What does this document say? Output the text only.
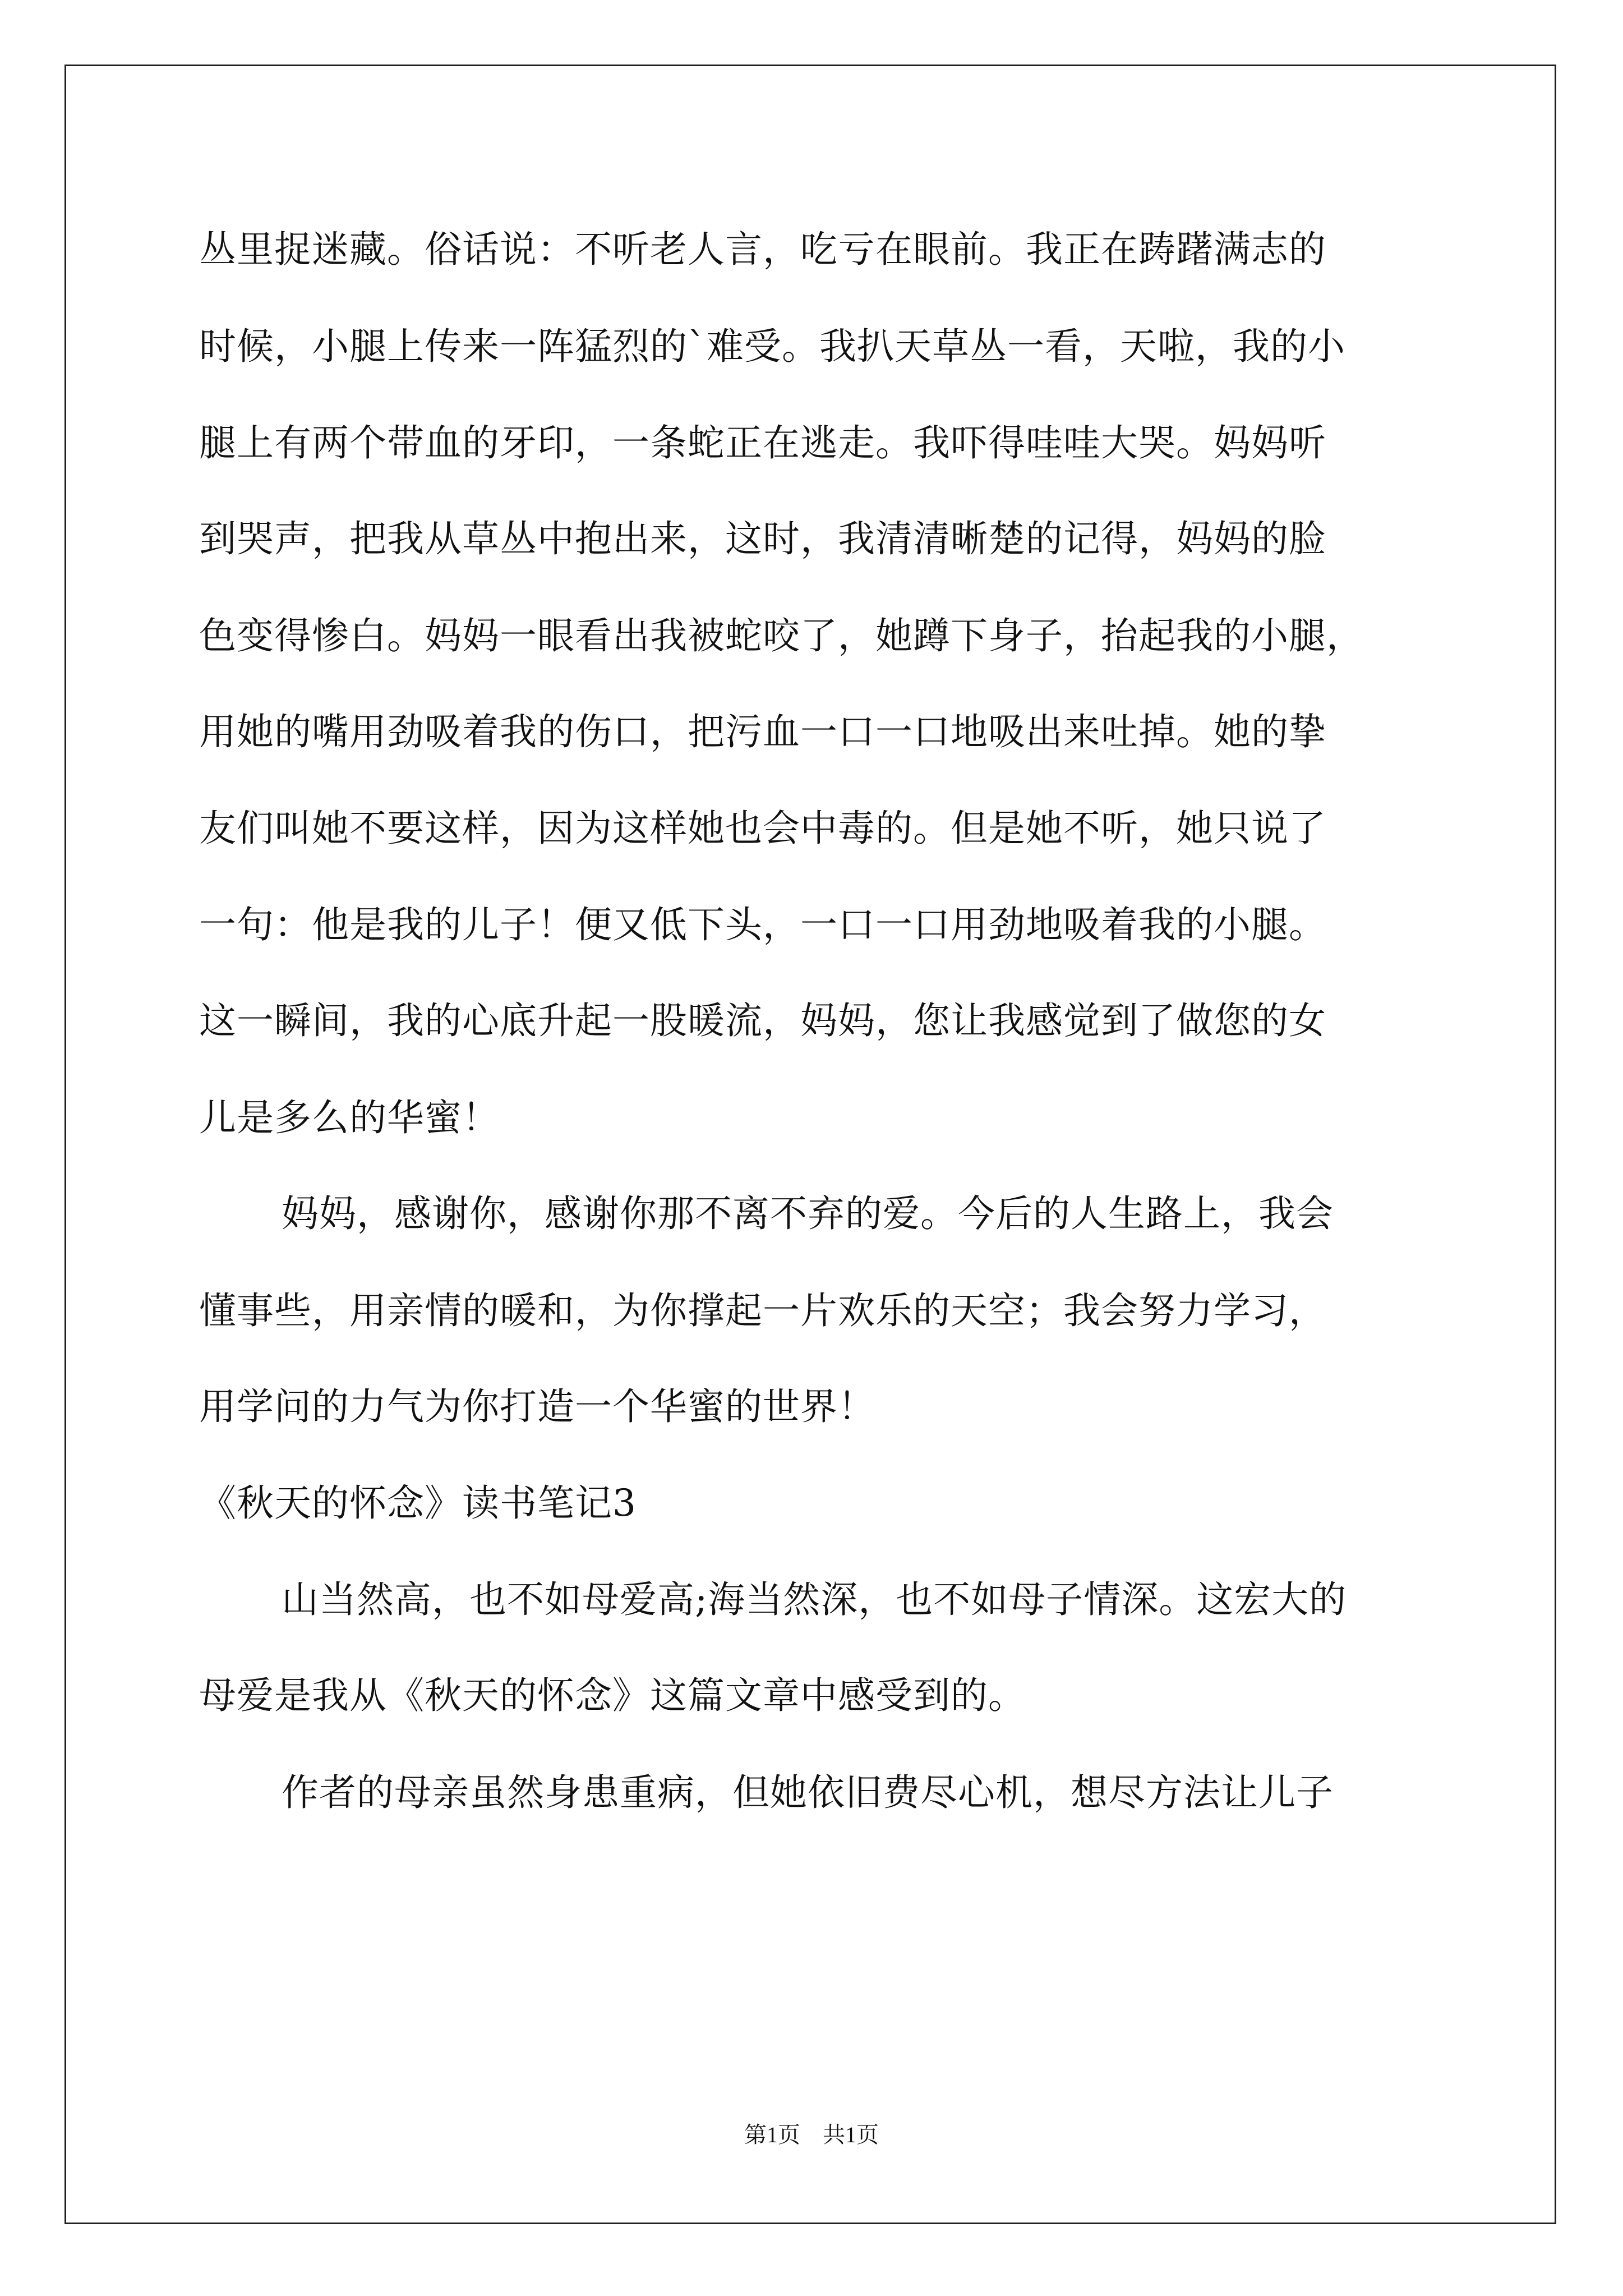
丛里捉迷藏。俗话说：不听老人言，吃亏在眼前。我正在踌躇满志的
时候，小腿上传来一阵猛烈的`难受。我扒天草丛一看，天啦，我的小
腿上有两个带血的牙印，一条蛇正在逃走。我吓得哇哇大哭。妈妈听
到哭声，把我从草丛中抱出来，这时，我清清晰楚的记得，妈妈的脸
色变得惨白。妈妈一眼看出我被蛇咬了，她蹲下身子，抬起我的小腿，
用她的嘴用劲吸着我的伤口，把污血一口一口地吸出来吐掉。她的挚
友们叫她不要这样，因为这样她也会中毒的。但是她不听，她只说了
一句：他是我的儿子！便又低下头，一口一口用劲地吸着我的小腿。
这一瞬间，我的心底升起一股暖流，妈妈，您让我感觉到了做您的女
儿是多么的华蜜！
妈妈，感谢你，感谢你那不离不弃的爱。今后的人生路上，我会
懂事些，用亲情的暖和，为你撑起一片欢乐的天空；我会努力学习，
用学问的力气为你打造一个华蜜的世界！
《秋天的怀念》读书笔记3
山当然高，也不如母爱高;海当然深，也不如母子情深。这宏大的
母爱是我从《秋天的怀念》这篇文章中感受到的。
作者的母亲虽然身患重病，但她依旧费尽心机，想尽方法让儿子
第1页 共1页
